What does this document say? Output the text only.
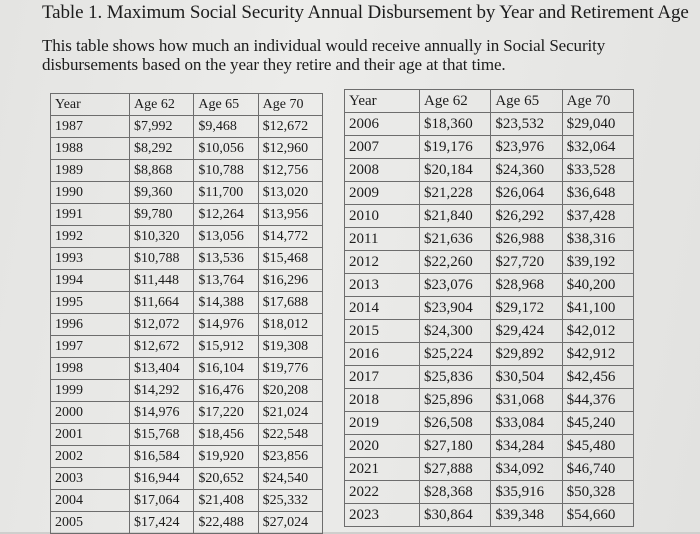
Table 1. Maximum Social Security Annual Disbursement by Year and Retirement Age
This table shows how much an individual would receive annually in Social Security disbursements based on the year they retire and their age at that time.
Year	Age 62	Age 65	Age 70
1987	$7,992	$9,468	$12,672
1988	$8,292	$10,056	$12,960
1989	$8,868	$10,788	$12,756
1990	$9,360	$11,700	$13,020
1991	$9,780	$12,264	$13,956
1992	$10,320	$13,056	$14,772
1993	$10,788	$13,536	$15,468
1994	$11,448	$13,764	$16,296
1995	$11,664	$14,388	$17,688
1996	$12,072	$14,976	$18,012
1997	$12,672	$15,912	$19,308
1998	$13,404	$16,104	$19,776
1999	$14,292	$16,476	$20,208
2000	$14,976	$17,220	$21,024
2001	$15,768	$18,456	$22,548
2002	$16,584	$19,920	$23,856
2003	$16,944	$20,652	$24,540
2004	$17,064	$21,408	$25,332
2005	$17,424	$22,488	$27,024
Year	Age 62	Age 65	Age 70
2006	$18,360	$23,532	$29,040
2007	$19,176	$23,976	$32,064
2008	$20,184	$24,360	$33,528
2009	$21,228	$26,064	$36,648
2010	$21,840	$26,292	$37,428
2011	$21,636	$26,988	$38,316
2012	$22,260	$27,720	$39,192
2013	$23,076	$28,968	$40,200
2014	$23,904	$29,172	$41,100
2015	$24,300	$29,424	$42,012
2016	$25,224	$29,892	$42,912
2017	$25,836	$30,504	$42,456
2018	$25,896	$31,068	$44,376
2019	$26,508	$33,084	$45,240
2020	$27,180	$34,284	$45,480
2021	$27,888	$34,092	$46,740
2022	$28,368	$35,916	$50,328
2023	$30,864	$39,348	$54,660
